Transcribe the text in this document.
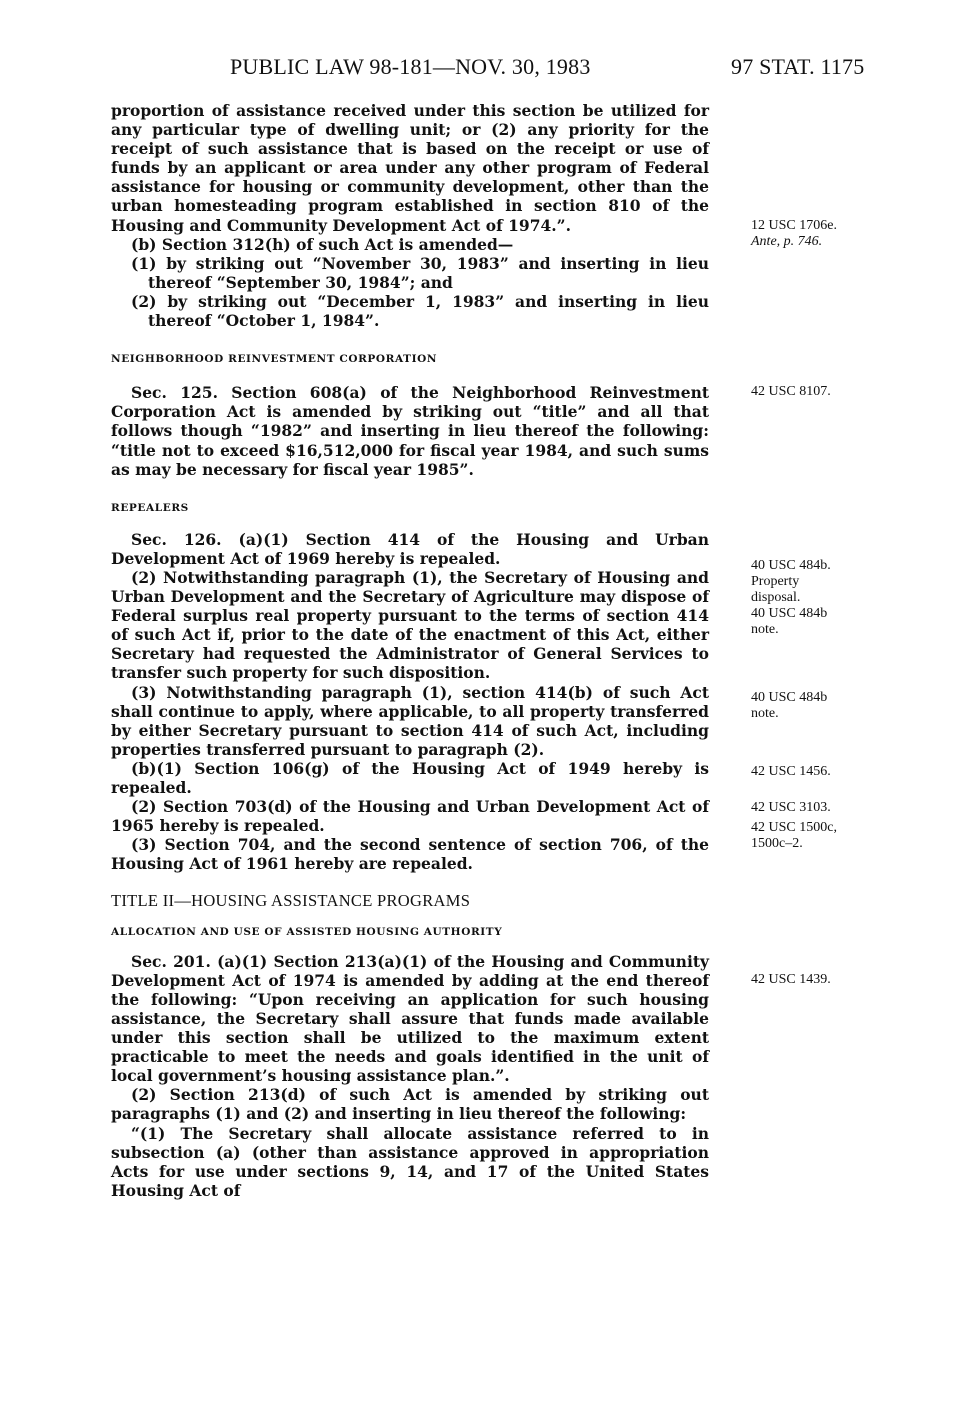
PUBLIC LAW 98-181—NOV. 30, 1983	97 STAT. 1175

proportion of assistance received under this section be utilized for any particular type of dwelling unit; or (2) any priority for the receipt of such assistance that is based on the receipt or use of funds by an applicant or area under any other program of Federal assistance for housing or community development, other than the urban homesteading program established in section 810 of the Housing and Community Development Act of 1974.”.

(b) Section 312(h) of such Act is amended—

(1) by striking out “November 30, 1983” and inserting in lieu thereof “September 30, 1984”; and

(2) by striking out “December 1, 1983” and inserting in lieu thereof “October 1, 1984”.

NEIGHBORHOOD REINVESTMENT CORPORATION

Sec. 125. Section 608(a) of the Neighborhood Reinvestment Corporation Act is amended by striking out “title” and all that follows though “1982” and inserting in lieu thereof the following: “title not to exceed $16,512,000 for fiscal year 1984, and such sums as may be necessary for fiscal year 1985”.

REPEALERS

Sec. 126. (a)(1) Section 414 of the Housing and Urban Development Act of 1969 hereby is repealed.

(2) Notwithstanding paragraph (1), the Secretary of Housing and Urban Development and the Secretary of Agriculture may dispose of Federal surplus real property pursuant to the terms of section 414 of such Act if, prior to the date of the enactment of this Act, either Secretary had requested the Administrator of General Services to transfer such property for such disposition.

(3) Notwithstanding paragraph (1), section 414(b) of such Act shall continue to apply, where applicable, to all property transferred by either Secretary pursuant to section 414 of such Act, including properties transferred pursuant to paragraph (2).

(b)(1) Section 106(g) of the Housing Act of 1949 hereby is repealed.

(2) Section 703(d) of the Housing and Urban Development Act of 1965 hereby is repealed.

(3) Section 704, and the second sentence of section 706, of the Housing Act of 1961 hereby are repealed.

TITLE II—HOUSING ASSISTANCE PROGRAMS

ALLOCATION AND USE OF ASSISTED HOUSING AUTHORITY

Sec. 201. (a)(1) Section 213(a)(1) of the Housing and Community Development Act of 1974 is amended by adding at the end thereof the following: “Upon receiving an application for such housing assistance, the Secretary shall assure that funds made available under this section shall be utilized to the maximum extent practicable to meet the needs and goals identified in the unit of local government’s housing assistance plan.”.

(2) Section 213(d) of such Act is amended by striking out paragraphs (1) and (2) and inserting in lieu thereof the following:

“(1) The Secretary shall allocate assistance referred to in subsection (a) (other than assistance approved in appropriation Acts for use under sections 9, 14, and 17 of the United States Housing Act of

12 USC 1706e.
Ante, p. 746.
42 USC 8107.
40 USC 484b.
Property disposal.
40 USC 484b note.
40 USC 484b note.
42 USC 1456.
42 USC 3103.
42 USC 1500c, 1500c–2.
42 USC 1439.
